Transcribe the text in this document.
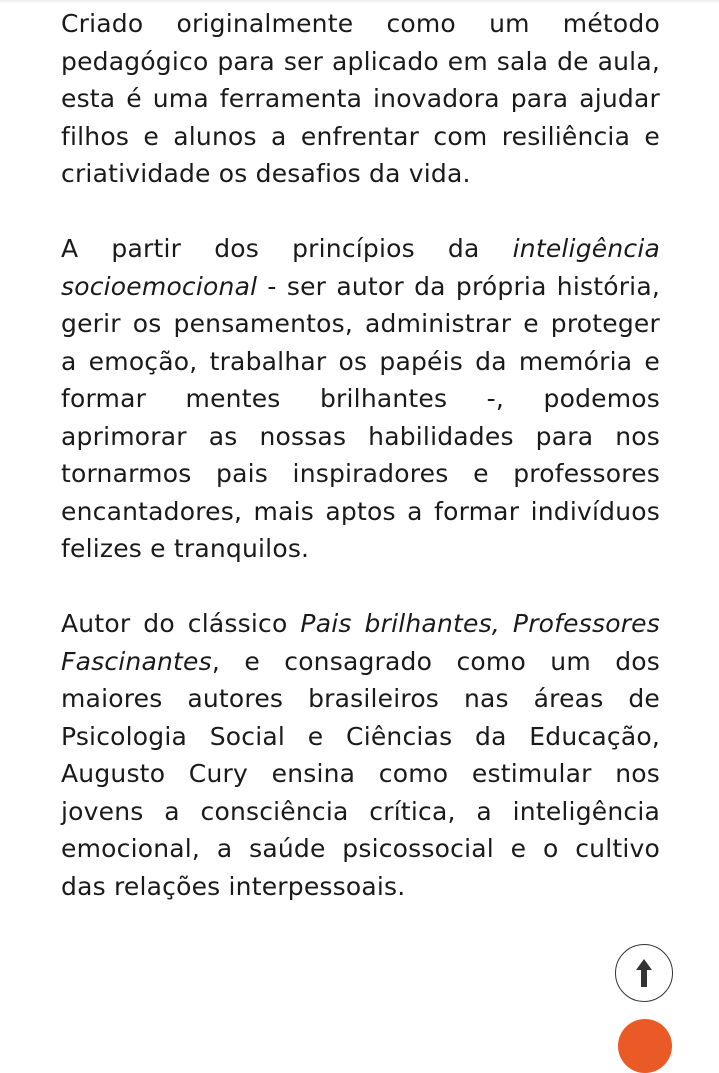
Criado originalmente como um método pedagógico para ser aplicado em sala de aula, esta é uma ferramenta inovadora para ajudar filhos e alunos a enfrentar com resiliência e criatividade os desafios da vida.

A partir dos princípios da inteligência socioemocional - ser autor da própria história, gerir os pensamentos, administrar e proteger a emoção, trabalhar os papéis da memória e formar mentes brilhantes -, podemos aprimorar as nossas habilidades para nos tornarmos pais inspiradores e professores encantadores, mais aptos a formar indivíduos felizes e tranquilos.

Autor do clássico Pais brilhantes, Professores Fascinantes, e consagrado como um dos maiores autores brasileiros nas áreas de Psicologia Social e Ciências da Educação, Augusto Cury ensina como estimular nos jovens a consciência crítica, a inteligência emocional, a saúde psicossocial e o cultivo das relações interpessoais.
